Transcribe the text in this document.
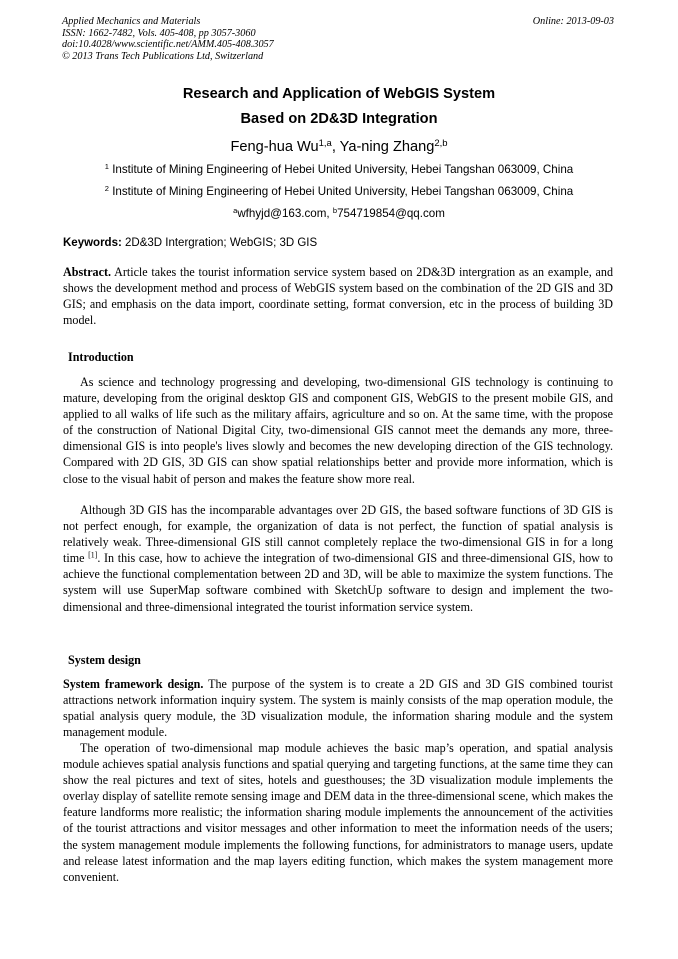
Applied Mechanics and Materials
ISSN: 1662-7482, Vols. 405-408, pp 3057-3060
doi:10.4028/www.scientific.net/AMM.405-408.3057
© 2013 Trans Tech Publications Ltd, Switzerland
Online: 2013-09-03
Research and Application of WebGIS System
Based on 2D&3D Integration
Feng-hua Wu$^{1,a}$, Ya-ning Zhang$^{2,b}$
$^1$ Institute of Mining Engineering of Hebei United University, Hebei Tangshan 063009, China
$^2$ Institute of Mining Engineering of Hebei United University, Hebei Tangshan 063009, China
$^a$wfhyjd@163.com, $^b$754719854@qq.com
Keywords: 2D&3D Intergration; WebGIS; 3D GIS
Abstract. Article takes the tourist information service system based on 2D&3D intergration as an example, and shows the development method and process of WebGIS system based on the combination of the 2D GIS and 3D GIS; and emphasis on the data import, coordinate setting, format conversion, etc in the process of building 3D model.
Introduction
As science and technology progressing and developing, two-dimensional GIS technology is continuing to mature, developing from the original desktop GIS and component GIS, WebGIS to the present mobile GIS, and applied to all walks of life such as the military affairs, agriculture and so on. At the same time, with the propose of the construction of National Digital City, two-dimensional GIS cannot meet the demands any more, three-dimensional GIS is into people's lives slowly and becomes the new developing direction of the GIS technology. Compared with 2D GIS, 3D GIS can show spatial relationships better and provide more information, which is close to the visual habit of person and makes the feature show more real.
Although 3D GIS has the incomparable advantages over 2D GIS, the based software functions of 3D GIS is not perfect enough, for example, the organization of data is not perfect, the function of spatial analysis is relatively weak. Three-dimensional GIS still cannot completely replace the two-dimensional GIS in for a long time [1]. In this case, how to achieve the integration of two-dimensional GIS and three-dimensional GIS, how to achieve the functional complementation between 2D and 3D, will be able to maximize the system functions. The system will use SuperMap software combined with SketchUp software to design and implement the two-dimensional and three-dimensional integrated the tourist information service system.
System design
System framework design. The purpose of the system is to create a 2D GIS and 3D GIS combined tourist attractions network information inquiry system. The system is mainly consists of the map operation module, the spatial analysis query module, the 3D visualization module, the information sharing module and the system management module.
The operation of two-dimensional map module achieves the basic map’s operation, and spatial analysis module achieves spatial analysis functions and spatial querying and targeting functions, at the same time they can show the real pictures and text of sites, hotels and guesthouses; the 3D visualization module implements the overlay display of satellite remote sensing image and DEM data in the three-dimensional scene, which makes the feature landforms more realistic; the information sharing module implements the announcement of the activities of the tourist attractions and visitor messages and other information to meet the information needs of the users; the system management module implements the following functions, for administrators to manage users, update and release latest information and the map layers editing function, which makes the system management more convenient.
